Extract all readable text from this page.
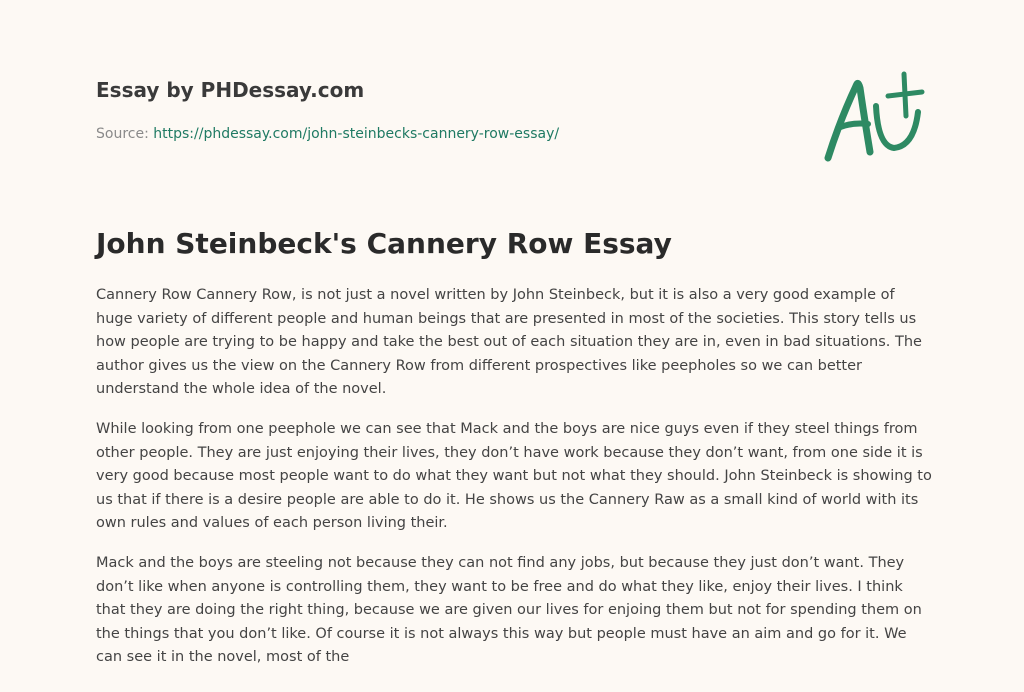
Essay by PHDessay.com

Source: https://phdessay.com/john-steinbecks-cannery-row-essay/
John Steinbeck's Cannery Row Essay

Cannery Row Cannery Row, is not just a novel written by John Steinbeck, but it is also a very good example of huge variety of different people and human beings that are presented in most of the societies. This story tells us how people are trying to be happy and take the best out of each situation they are in, even in bad situations. The author gives us the view on the Cannery Row from different prospectives like peepholes so we can better understand the whole idea of the novel.

While looking from one peephole we can see that Mack and the boys are nice guys even if they steel things from other people. They are just enjoying their lives, they don’t have work because they don’t want, from one side it is very good because most people want to do what they want but not what they should. John Steinbeck is showing to us that if there is a desire people are able to do it. He shows us the Cannery Raw as a small kind of world with its own rules and values of each person living their.

Mack and the boys are steeling not because they can not find any jobs, but because they just don’t want. They don’t like when anyone is controlling them, they want to be free and do what they like, enjoy their lives. I think that they are doing the right thing, because we are given our lives for enjoing them but not for spending them on the things that you don’t like. Of course it is not always this way but people must have an aim and go for it. We can see it in the novel, most of the
